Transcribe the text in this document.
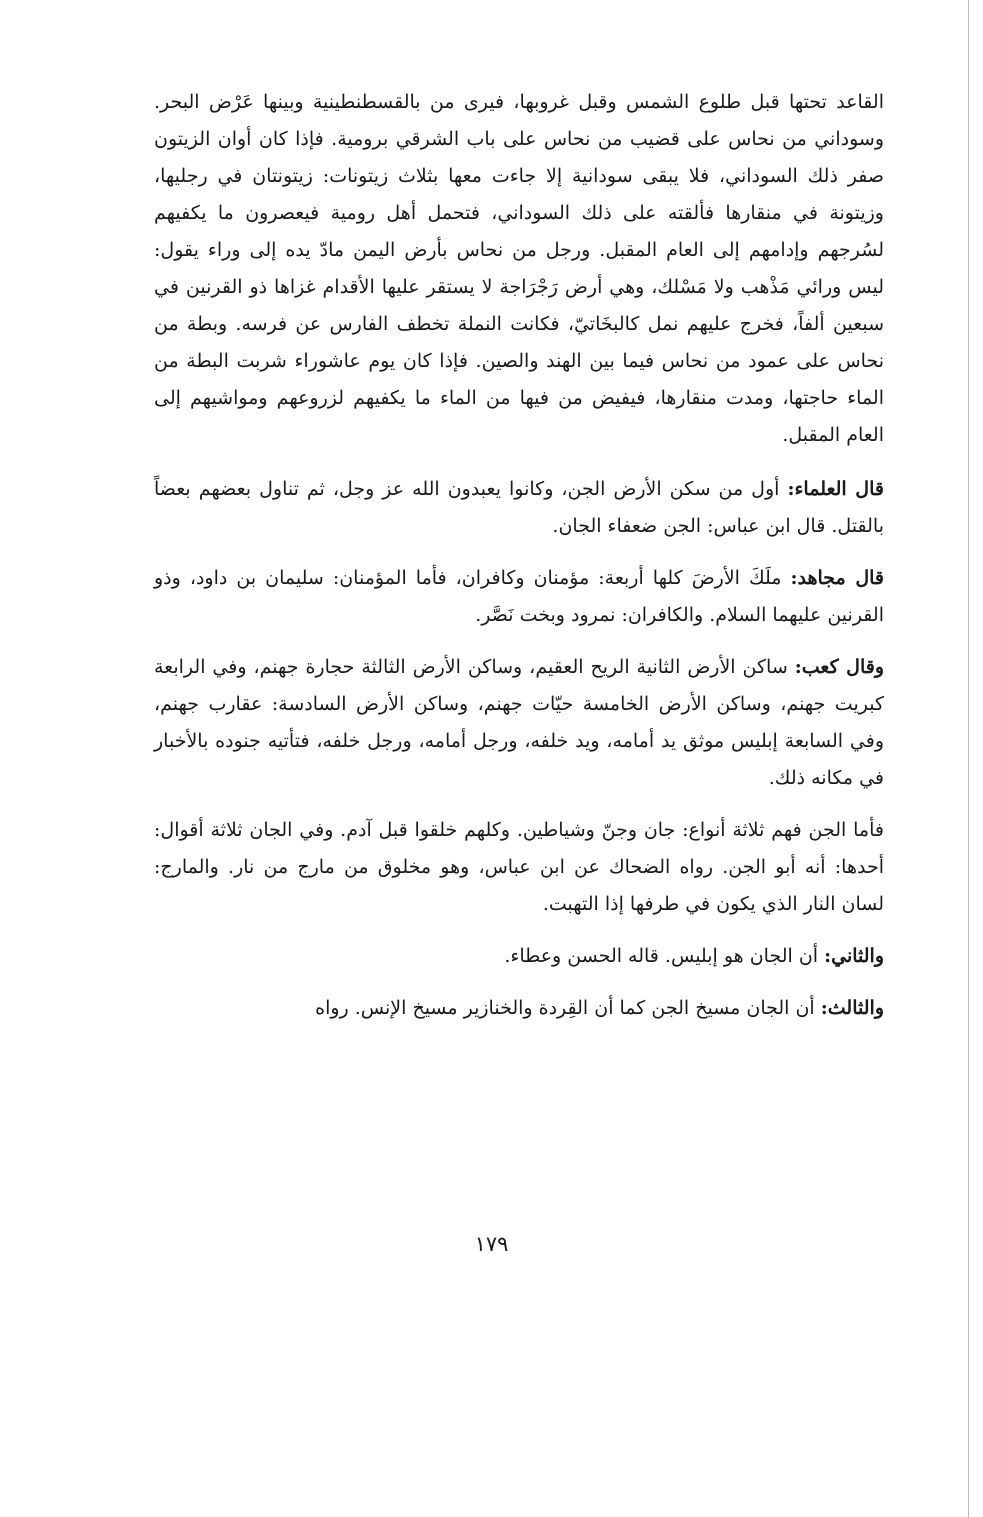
القاعد تحتها قبل طلوع الشمس وقبل غروبها، فيرى من بالقسطنطينية وبينها عَرْض البحر. وسوداني من نحاس على قضيب من نحاس على باب الشرقي برومية. فإذا كان أوان الزيتون صفر ذلك السوداني، فلا يبقى سودانية إلا جاءت معها بثلاث زيتونات: زيتونتان في رجليها، وزيتونة في منقارها فألقته على ذلك السوداني، فتحمل أهل رومية فيعصرون ما يكفيهم لسُرجهم وإدامهم إلى العام المقبل. ورجل من نحاس بأرض اليمن مادّ يده إلى وراء يقول: ليس ورائي مَذْهب ولا مَسْلك، وهي أرض رَجْرَاجة لا يستقر عليها الأقدام غزاها ذو القرنين في سبعين ألفاً، فخرج عليهم نمل كالبخَاتيّ، فكانت النملة تخطف الفارس عن فرسه. وبطة من نحاس على عمود من نحاس فيما بين الهند والصين. فإذا كان يوم عاشوراء شربت البطة من الماء حاجتها، ومدت منقارها، فيفيض من فيها من الماء ما يكفيهم لزروعهم ومواشيهم إلى العام المقبل.

قال العلماء: أول من سكن الأرض الجن، وكانوا يعبدون الله عز وجل، ثم تناول بعضهم بعضاً بالقتل. قال ابن عباس: الجن ضعفاء الجان.

قال مجاهد: ملَكَ الأرضَ كلها أربعة: مؤمنان وكافران، فأما المؤمنان: سليمان بن داود، وذو القرنين عليهما السلام. والكافران: نمرود وبخت نَصَّر.

وقال كعب: ساكن الأرض الثانية الريح العقيم، وساكن الأرض الثالثة حجارة جهنم، وفي الرابعة كبريت جهنم، وساكن الأرض الخامسة حيّات جهنم، وساكن الأرض السادسة: عقارب جهنم، وفي السابعة إبليس موثق يد أمامه، ويد خلفه، ورجل أمامه، ورجل خلفه، فتأتيه جنوده بالأخبار في مكانه ذلك.

فأما الجن فهم ثلاثة أنواع: جان وجنّ وشياطين. وكلهم خلقوا قبل آدم. وفي الجان ثلاثة أقوال: أحدها: أنه أبو الجن. رواه الضحاك عن ابن عباس، وهو مخلوق من مارج من نار. والمارج: لسان النار الذي يكون في طرفها إذا التهبت.

والثاني: أن الجان هو إبليس. قاله الحسن وعطاء.

والثالث: أن الجان مسيخ الجن كما أن القِردة والخنازير مسيخ الإنس. رواه

١٧٩
